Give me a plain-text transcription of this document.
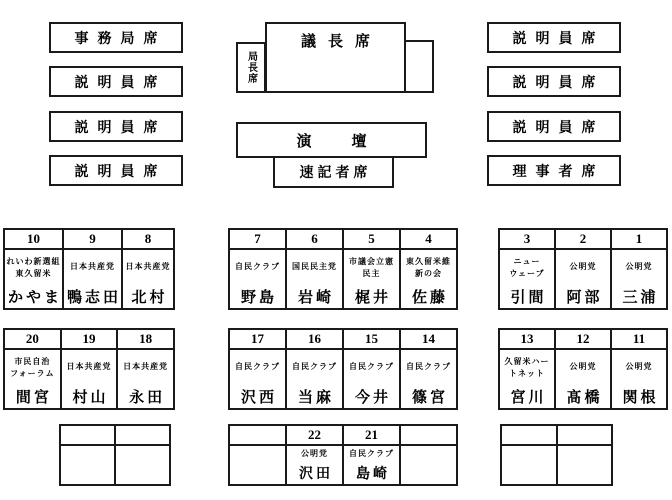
事務局席
説明員席
説明員席
説明員席
説明員席
説明員席
説明員席
理事者席
局長席
議長席
演壇
速記者席
10
れいわ新選組
東久留米
かやま
9
日本共産党
鴨志田
8
日本共産党
北村
7
自民クラブ
野島
6
国民民主党
岩崎
5
市議会立憲
民主
梶井
4
東久留米維
新の会
佐藤
3
ニュー
ウェーブ
引間
2
公明党
阿部
1
公明党
三浦
20
市民自治
フォーラム
間宮
19
日本共産党
村山
18
日本共産党
永田
17
自民クラブ
沢西
16
自民クラブ
当麻
15
自民クラブ
今井
14
自民クラブ
篠宮
13
久留米ハー
トネット
宮川
12
公明党
髙橋
11
公明党
関根
22
公明党
沢田
21
自民クラブ
島崎
